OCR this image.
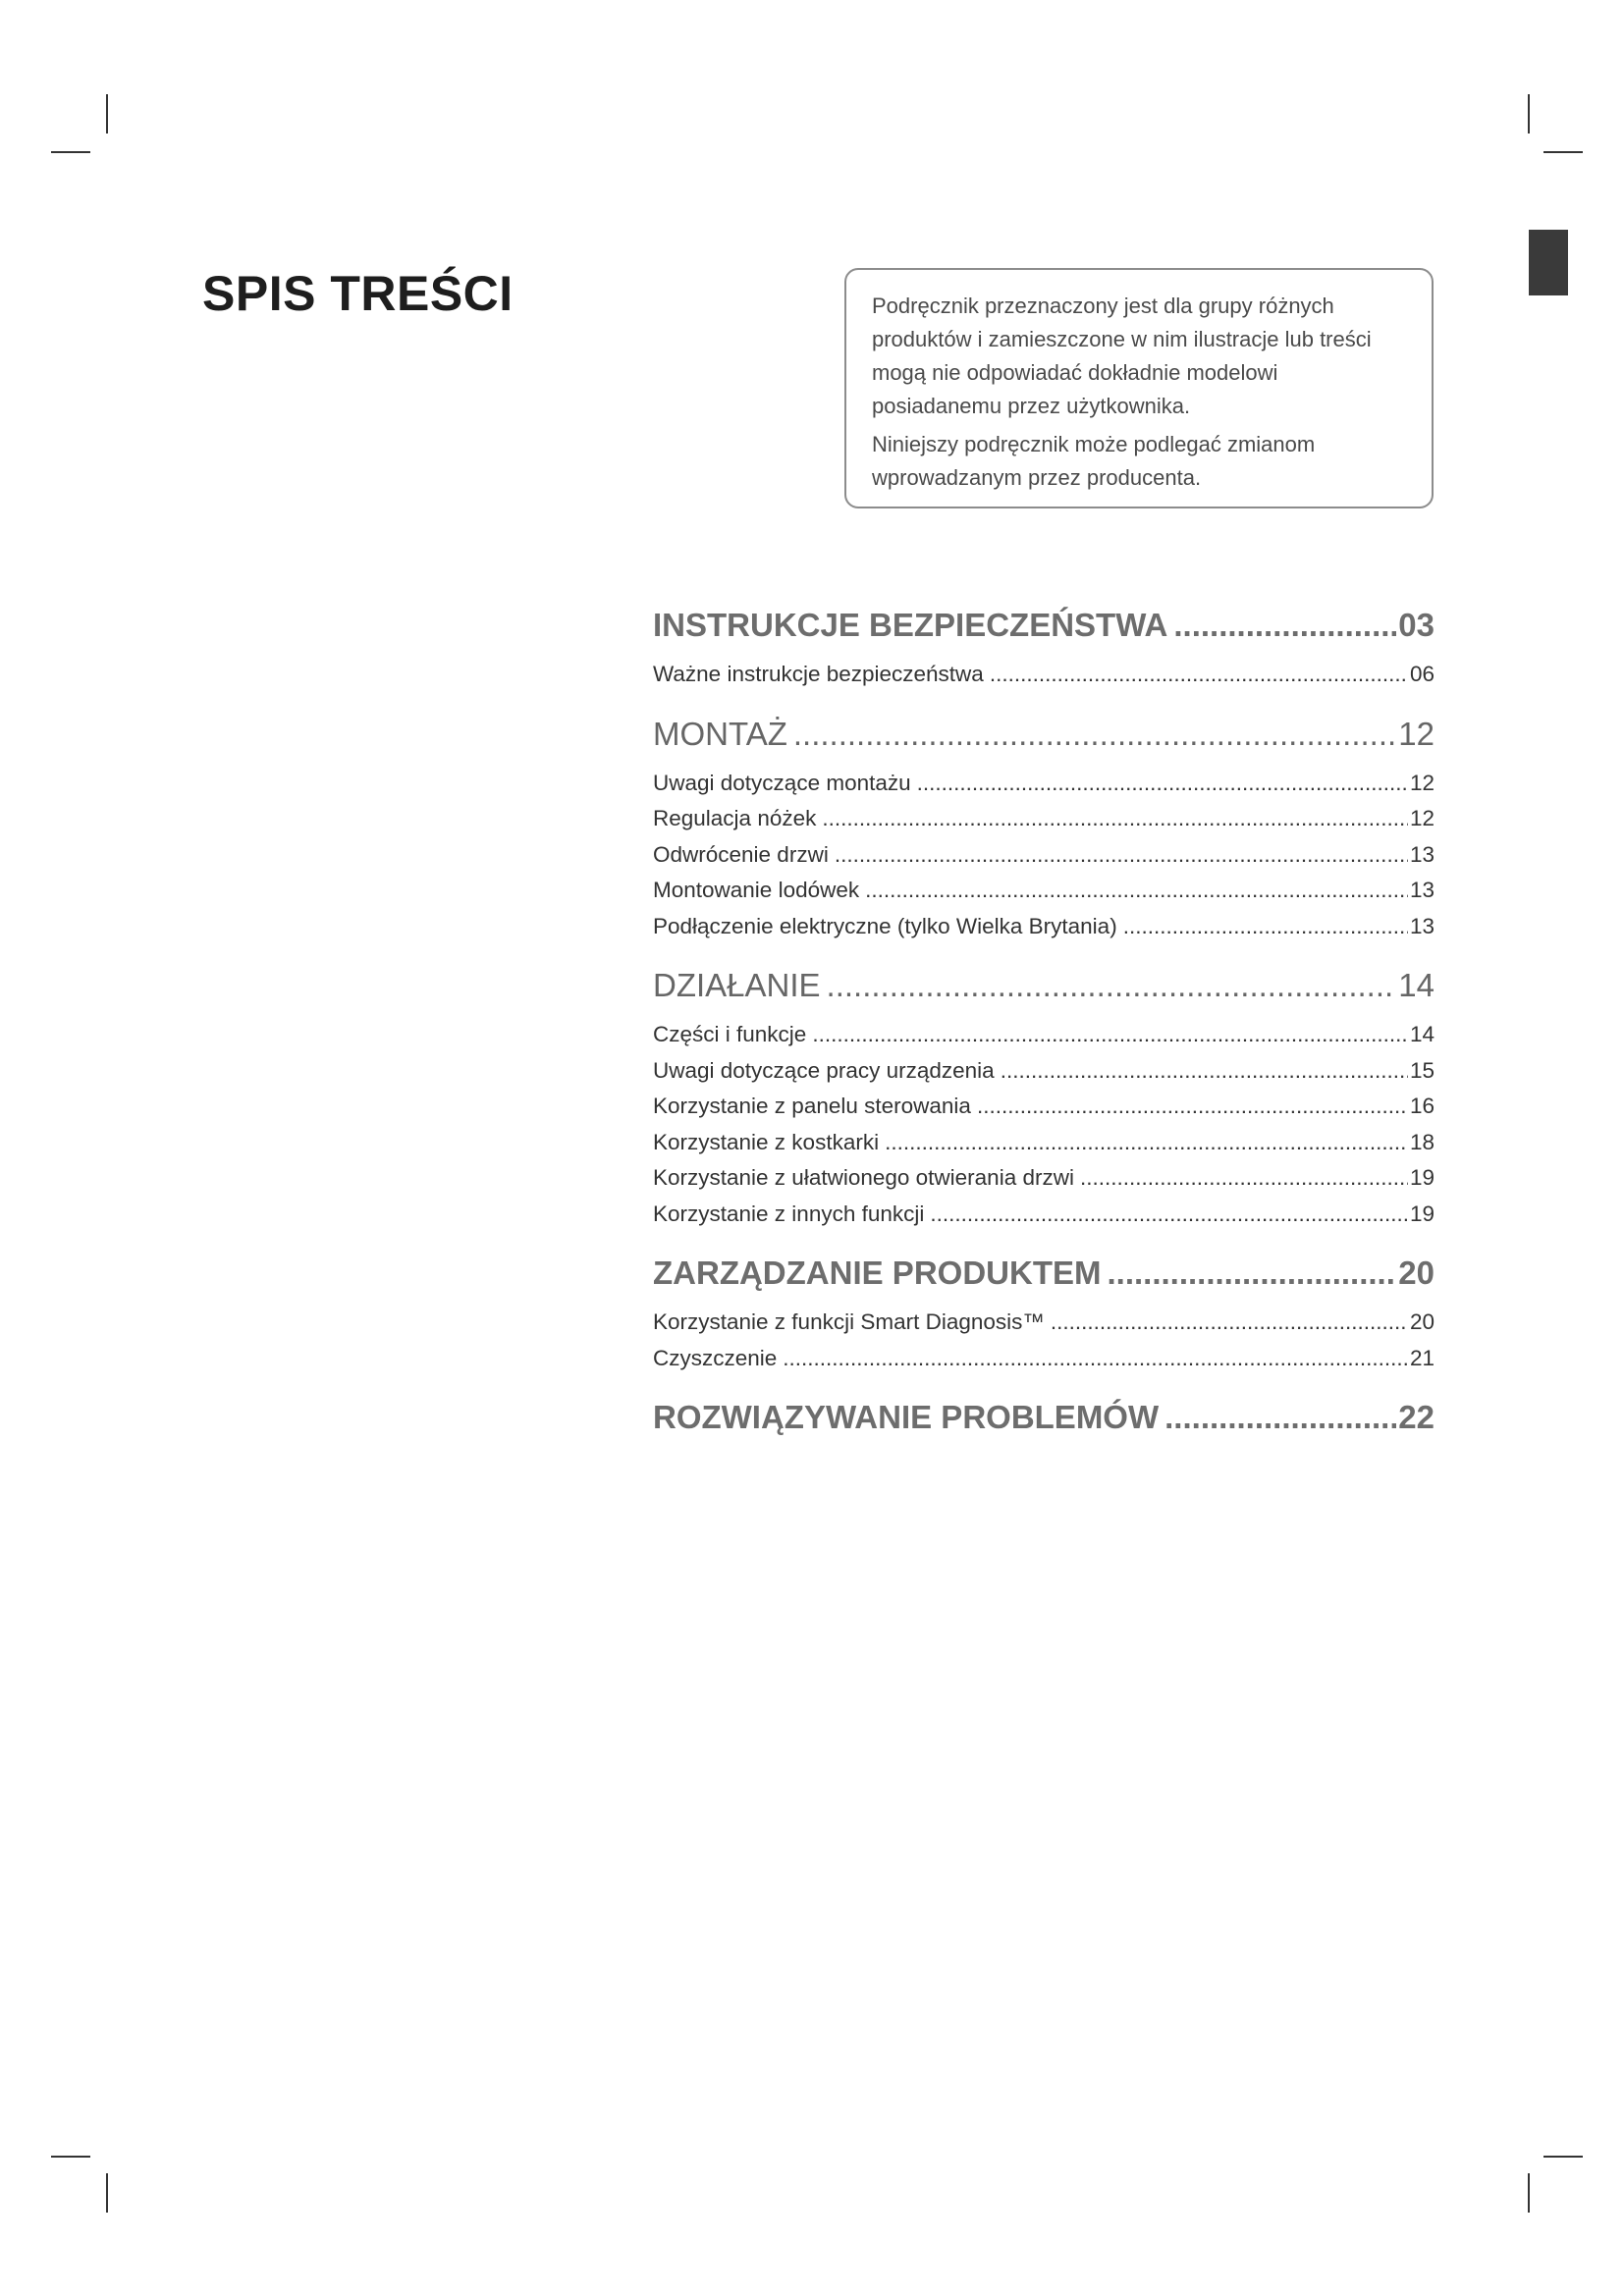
SPIS TREŚCI	Podręcznik przeznaczony jest dla grupy różnych produktów i zamieszczone w nim ilustracje lub treści mogą nie odpowiadać dokładnie modelowi posiadanemu przez użytkownika.

Niniejszy podręcznik może podlegać zmianom wprowadzanym przez producenta.

INSTRUKCJE BEZPIECZEŃSTWA .....	03
Ważne instrukcje bezpieczeństwa .....	06
MONTAŻ .....	12
Uwagi dotyczące montażu .....	12
Regulacja nóżek .....	12
Odwrócenie drzwi .....	13
Montowanie lodówek .....	13
Podłączenie elektryczne (tylko Wielka Brytania) .....	13
DZIAŁANIE .....	14
Części i funkcje .....	14
Uwagi dotyczące pracy urządzenia .....	15
Korzystanie z panelu sterowania .....	16
Korzystanie z kostkarki .....	18
Korzystanie z ułatwionego otwierania drzwi .....	19
Korzystanie z innych funkcji .....	19
ZARZĄDZANIE PRODUKTEM .....	20
Korzystanie z funkcji Smart Diagnosis™ .....	20
Czyszczenie .....	21
ROZWIĄZYWANIE PROBLEMÓW .....	22
